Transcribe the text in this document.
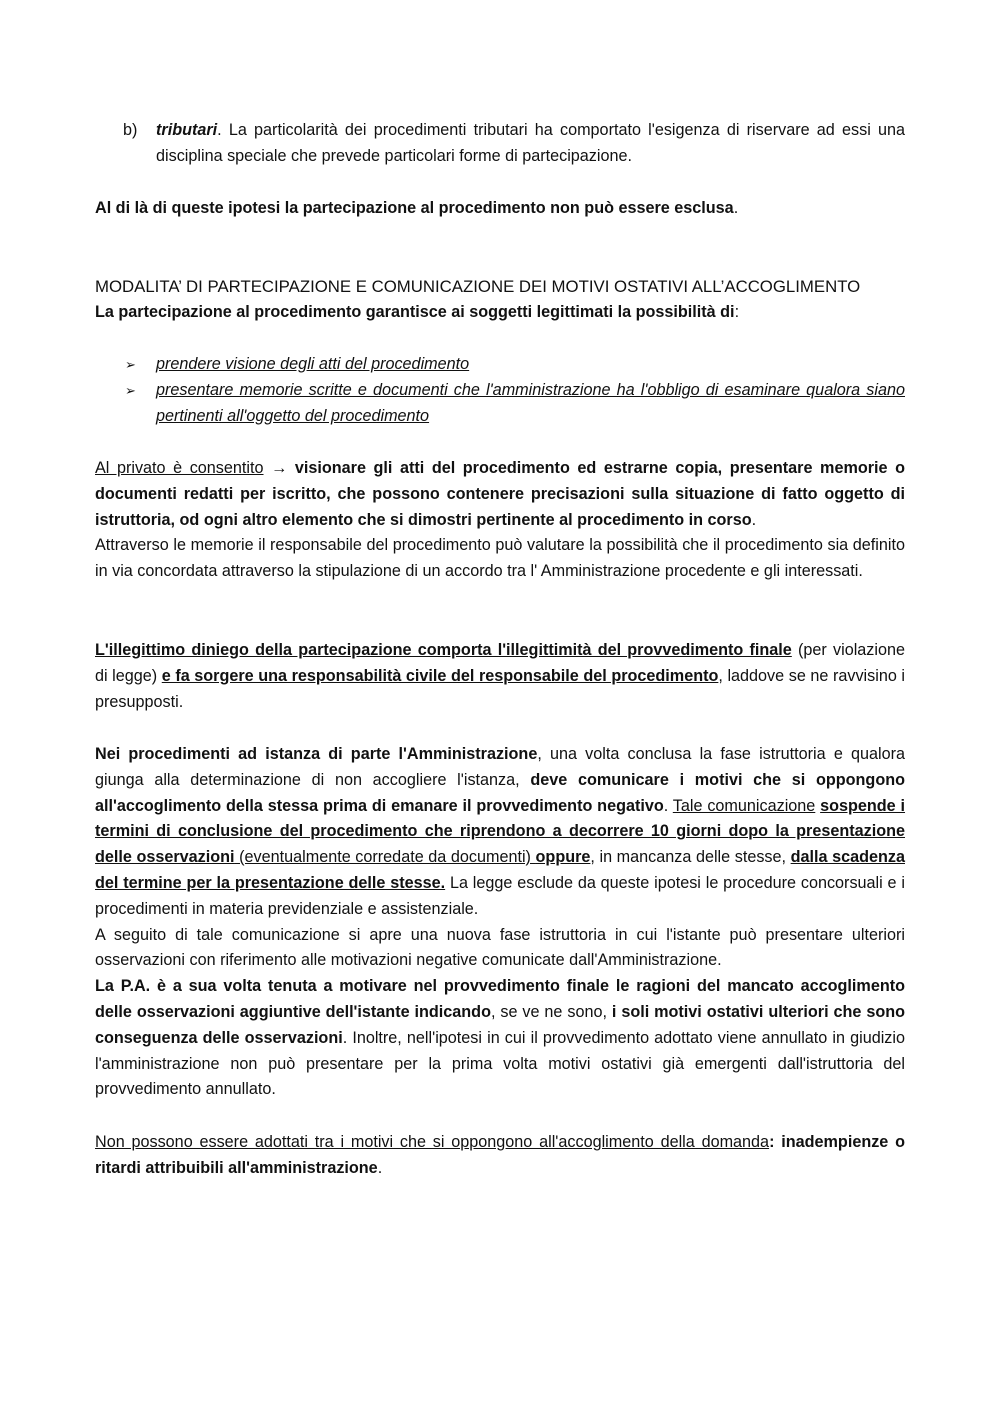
b) tributari. La particolarità dei procedimenti tributari ha comportato l'esigenza di riservare ad essi una disciplina speciale che prevede particolari forme di partecipazione.

Al di là di queste ipotesi la partecipazione al procedimento non può essere esclusa.

MODALITA’ DI PARTECIPAZIONE E COMUNICAZIONE DEI MOTIVI OSTATIVI ALL’ACCOGLIMENTO

La partecipazione al procedimento garantisce ai soggetti legittimati la possibilità di:

➢ prendere visione degli atti del procedimento

➢ presentare memorie scritte e documenti che l'amministrazione ha l'obbligo di esaminare qualora siano pertinenti all'oggetto del procedimento

Al privato è consentito → visionare gli atti del procedimento ed estrarne copia, presentare memorie o documenti redatti per iscritto, che possono contenere precisazioni sulla situazione di fatto oggetto di istruttoria, od ogni altro elemento che si dimostri pertinente al procedimento in corso.

Attraverso le memorie il responsabile del procedimento può valutare la possibilità che il procedimento sia definito in via concordata attraverso la stipulazione di un accordo tra l' Amministrazione procedente e gli interessati.

L'illegittimo diniego della partecipazione comporta l'illegittimità del provvedimento finale (per violazione di legge) e fa sorgere una responsabilità civile del responsabile del procedimento, laddove se ne ravvisino i presupposti.

Nei procedimenti ad istanza di parte l'Amministrazione, una volta conclusa la fase istruttoria e qualora giunga alla determinazione di non accogliere l'istanza, deve comunicare i motivi che si oppongono all'accoglimento della stessa prima di emanare il provvedimento negativo. Tale comunicazione sospende i termini di conclusione del procedimento che riprendono a decorrere 10 giorni dopo la presentazione delle osservazioni (eventualmente corredate da documenti) oppure, in mancanza delle stesse, dalla scadenza del termine per la presentazione delle stesse. La legge esclude da queste ipotesi le procedure concorsuali e i procedimenti in materia previdenziale e assistenziale.

A seguito di tale comunicazione si apre una nuova fase istruttoria in cui l'istante può presentare ulteriori osservazioni con riferimento alle motivazioni negative comunicate dall'Amministrazione.

La P.A. è a sua volta tenuta a motivare nel provvedimento finale le ragioni del mancato accoglimento delle osservazioni aggiuntive dell'istante indicando, se ve ne sono, i soli motivi ostativi ulteriori che sono conseguenza delle osservazioni. Inoltre, nell'ipotesi in cui il provvedimento adottato viene annullato in giudizio l'amministrazione non può presentare per la prima volta motivi ostativi già emergenti dall'istruttoria del provvedimento annullato.

Non possono essere adottati tra i motivi che si oppongono all'accoglimento della domanda: inadempienze o ritardi attribuibili all'amministrazione.
